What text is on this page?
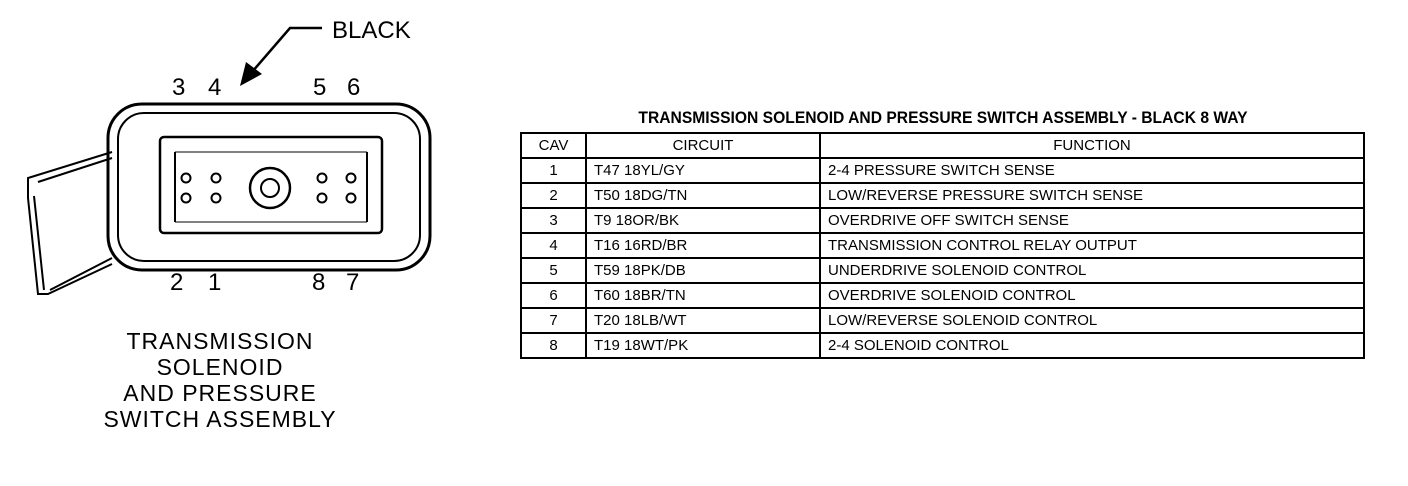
BLACK
3 4	5 6
2 1	8 7
TRANSMISSION
SOLENOID
AND PRESSURE
SWITCH ASSEMBLY
TRANSMISSION SOLENOID AND PRESSURE SWITCH ASSEMBLY - BLACK 8 WAY
CAV	CIRCUIT	FUNCTION
1	T47 18YL/GY	2-4 PRESSURE SWITCH SENSE
2	T50 18DG/TN	LOW/REVERSE PRESSURE SWITCH SENSE
3	T9 18OR/BK	OVERDRIVE OFF SWITCH SENSE
4	T16 16RD/BR	TRANSMISSION CONTROL RELAY OUTPUT
5	T59 18PK/DB	UNDERDRIVE SOLENOID CONTROL
6	T60 18BR/TN	OVERDRIVE SOLENOID CONTROL
7	T20 18LB/WT	LOW/REVERSE SOLENOID CONTROL
8	T19 18WT/PK	2-4 SOLENOID CONTROL
